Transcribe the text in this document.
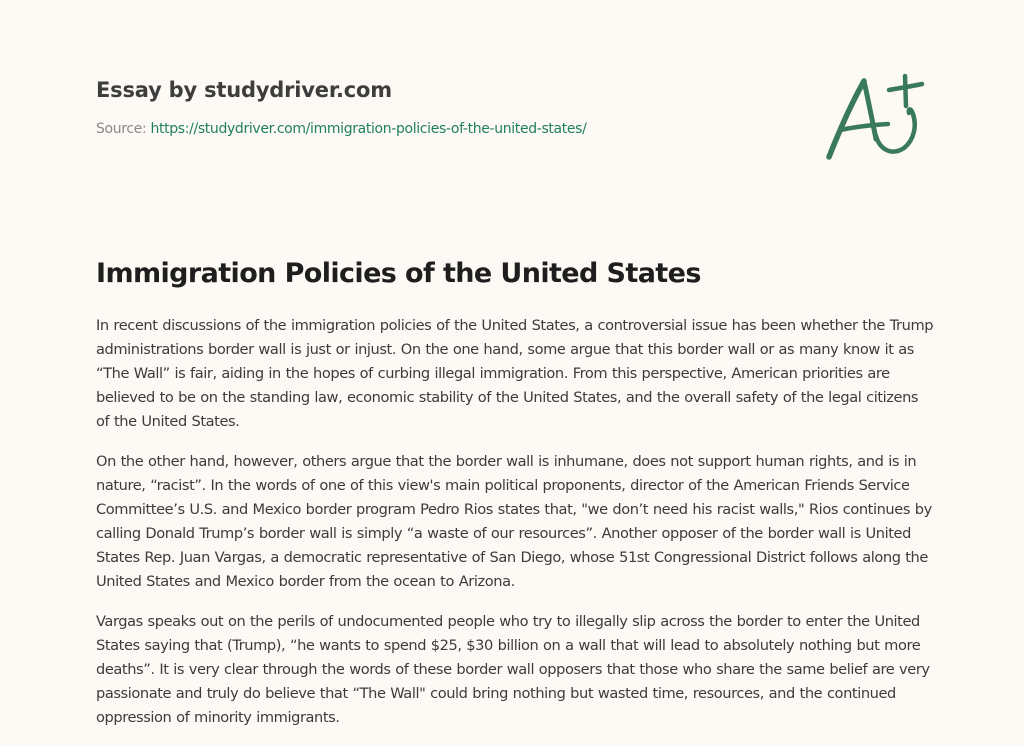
Essay by studydriver.com
Source: https://studydriver.com/immigration-policies-of-the-united-states/
Immigration Policies of the United States

In recent discussions of the immigration policies of the United States, a controversial issue has been whether the Trump administrations border wall is just or injust. On the one hand, some argue that this border wall or as many know it as “The Wall” is fair, aiding in the hopes of curbing illegal immigration. From this perspective, American priorities are believed to be on the standing law, economic stability of the United States, and the overall safety of the legal citizens of the United States.

On the other hand, however, others argue that the border wall is inhumane, does not support human rights, and is in nature, “racist”. In the words of one of this view's main political proponents, director of the American Friends Service Committee’s U.S. and Mexico border program Pedro Rios states that, "we don’t need his racist walls," Rios continues by calling Donald Trump’s border wall is simply “a waste of our resources”. Another opposer of the border wall is United States Rep. Juan Vargas, a democratic representative of San Diego, whose 51st Congressional District follows along the United States and Mexico border from the ocean to Arizona.

Vargas speaks out on the perils of undocumented people who try to illegally slip across the border to enter the United States saying that (Trump), “he wants to spend $25, $30 billion on a wall that will lead to absolutely nothing but more deaths”. It is very clear through the words of these border wall opposers that those who share the same belief are very passionate and truly do believe that “The Wall" could bring nothing but wasted time, resources, and the continued oppression of minority immigrants.
